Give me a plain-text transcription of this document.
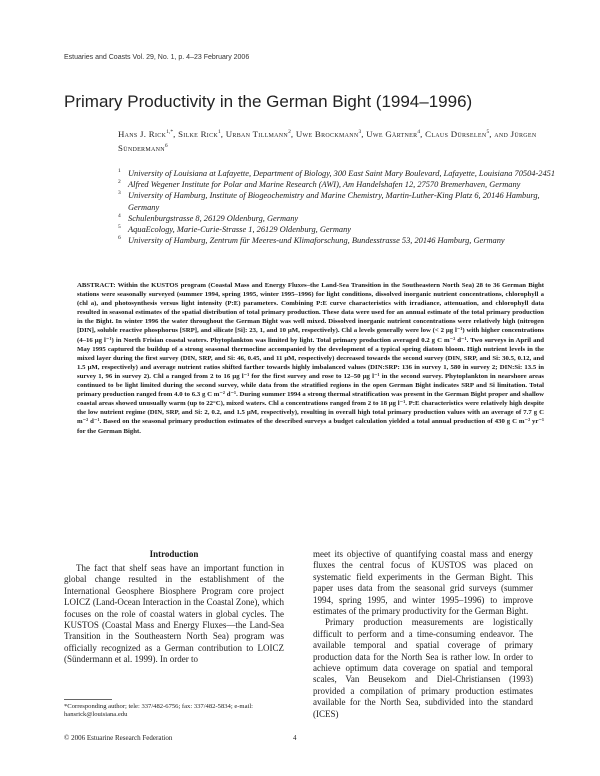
Estuaries and Coasts Vol. 29, No. 1, p. 4–23 February 2006
Primary Productivity in the German Bight (1994–1996)
Hans J. Rick$^{1,*}$, Silke Rick$^1$, Urban Tillmann$^2$, Uwe Brockmann$^3$, Uwe Gärtner$^4$, Claus Dürselen$^5$, and Jürgen Sündermann$^6$
1 University of Louisiana at Lafayette, Department of Biology, 300 East Saint Mary Boulevard, Lafayette, Louisiana 70504-2451
2 Alfred Wegener Institute for Polar and Marine Research (AWI), Am Handelshafen 12, 27570 Bremerhaven, Germany
3 University of Hamburg, Institute of Biogeochemistry and Marine Chemistry, Martin-Luther-King Platz 6, 20146 Hamburg, Germany
4 Schulenburgstrasse 8, 26129 Oldenburg, Germany
5 AquaEcology, Marie-Curie-Strasse 1, 26129 Oldenburg, Germany
6 University of Hamburg, Zentrum für Meeres-und Klimaforschung, Bundesstrasse 53, 20146 Hamburg, Germany
ABSTRACT: Within the KUSTOS program (Coastal Mass and Energy Fluxes–the Land-Sea Transition in the Southeastern North Sea) 28 to 36 German Bight stations were seasonally surveyed (summer 1994, spring 1995, winter 1995–1996) for light conditions, dissolved inorganic nutrient concentrations, chlorophyll a (chl a), and photosynthesis versus light intensity (P:E) parameters. Combining P:E curve characteristics with irradiance, attenuation, and chlorophyll data resulted in seasonal estimates of the spatial distribution of total primary production. These data were used for an annual estimate of the total primary production in the Bight. In winter 1996 the water throughout the German Bight was well mixed. Dissolved inorganic nutrient concentrations were relatively high (nitrogen [DIN], soluble reactive phosphorus [SRP], and silicate [Si]: 23, 1, and 10 μM, respectively). Chl a levels generally were low (< 2 μg l⁻¹) with higher concentrations (4–16 μg l⁻¹) in North Frisian coastal waters. Phytoplankton was limited by light. Total primary production averaged 0.2 g C m⁻² d⁻¹. Two surveys in April and May 1995 captured the buildup of a strong seasonal thermocline accompanied by the development of a typical spring diatom bloom. High nutrient levels in the mixed layer during the first survey (DIN, SRP, and Si: 46, 0.45, and 11 μM, respectively) decreased towards the second survey (DIN, SRP, and Si: 30.5, 0.12, and 1.5 μM, respectively) and average nutrient ratios shifted farther towards highly imbalanced values (DIN:SRP: 136 in survey 1, 580 in survey 2; DIN:Si: 13.5 in survey 1, 96 in survey 2). Chl a ranged from 2 to 16 μg l⁻¹ for the first survey and rose to 12–50 μg l⁻¹ in the second survey. Phytoplankton in nearshore areas continued to be light limited during the second survey, while data from the stratified regions in the open German Bight indicates SRP and Si limitation. Total primary production ranged from 4.0 to 6.3 g C m⁻² d⁻¹. During summer 1994 a strong thermal stratification was present in the German Bight proper and shallow coastal areas showed unusually warm (up to 22°C), mixed waters. Chl a concentrations ranged from 2 to 18 μg l⁻¹. P:E characteristics were relatively high despite the low nutrient regime (DIN, SRP, and Si: 2, 0.2, and 1.5 μM, respectively), resulting in overall high total primary production values with an average of 7.7 g C m⁻² d⁻¹. Based on the seasonal primary production estimates of the described surveys a budget calculation yielded a total annual production of 430 g C m⁻² yr⁻¹ for the German Bight.
Introduction

The fact that shelf seas have an important function in global change resulted in the establishment of the International Geosphere Biosphere Program core project LOICZ (Land-Ocean Interaction in the Coastal Zone), which focuses on the role of coastal waters in global cycles. The KUSTOS (Coastal Mass and Energy Fluxes—the Land-Sea Transition in the Southeastern North Sea) program was officially recognized as a German contribution to LOICZ (Sündermann et al. 1999). In order to

meet its objective of quantifying coastal mass and energy fluxes the central focus of KUSTOS was placed on systematic field experiments in the German Bight. This paper uses data from the seasonal grid surveys (summer 1994, spring 1995, and winter 1995–1996) to improve estimates of the primary productivity for the German Bight.

Primary production measurements are logistically difficult to perform and a time-consuming endeavor. The available temporal and spatial coverage of primary production data for the North Sea is rather low. In order to achieve optimum data coverage on spatial and temporal scales, Van Beusekom and Diel-Christiansen (1993) provided a compilation of primary production estimates available for the North Sea, subdivided into the standard (ICES)

*Corresponding author; tele: 337/482-6756; fax: 337/482-5834; e-mail: hansrick@louisiana.edu
© 2006 Estuarine Research Federation	4
